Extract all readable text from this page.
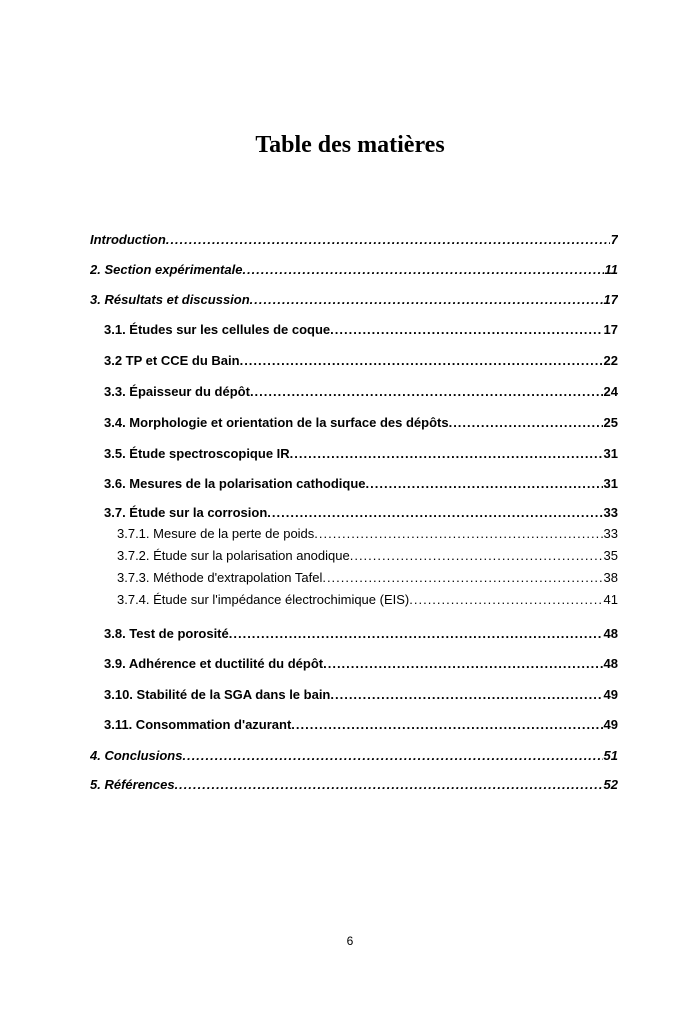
Table des matières
Introduction .....	7
2. Section expérimentale .....	11
3. Résultats et discussion .....	17
3.1. Études sur les cellules de coque .....	17
3.2 TP et CCE du Bain .....	22
3.3. Épaisseur du dépôt .....	24
3.4. Morphologie et orientation de la surface des dépôts .....	25
3.5. Étude spectroscopique IR .....	31
3.6. Mesures de la polarisation cathodique .....	31
3.7. Étude sur la corrosion .....	33
3.7.1. Mesure de la perte de poids .....	33
3.7.2. Étude sur la polarisation anodique .....	35
3.7.3. Méthode d'extrapolation Tafel .....	38
3.7.4. Étude sur l'impédance électrochimique (EIS) .....	41
3.8. Test de porosité .....	48
3.9. Adhérence et ductilité du dépôt .....	48
3.10. Stabilité de la SGA dans le bain .....	49
3.11. Consommation d'azurant .....	49
4. Conclusions .....	51
5. Références .....	52
6
